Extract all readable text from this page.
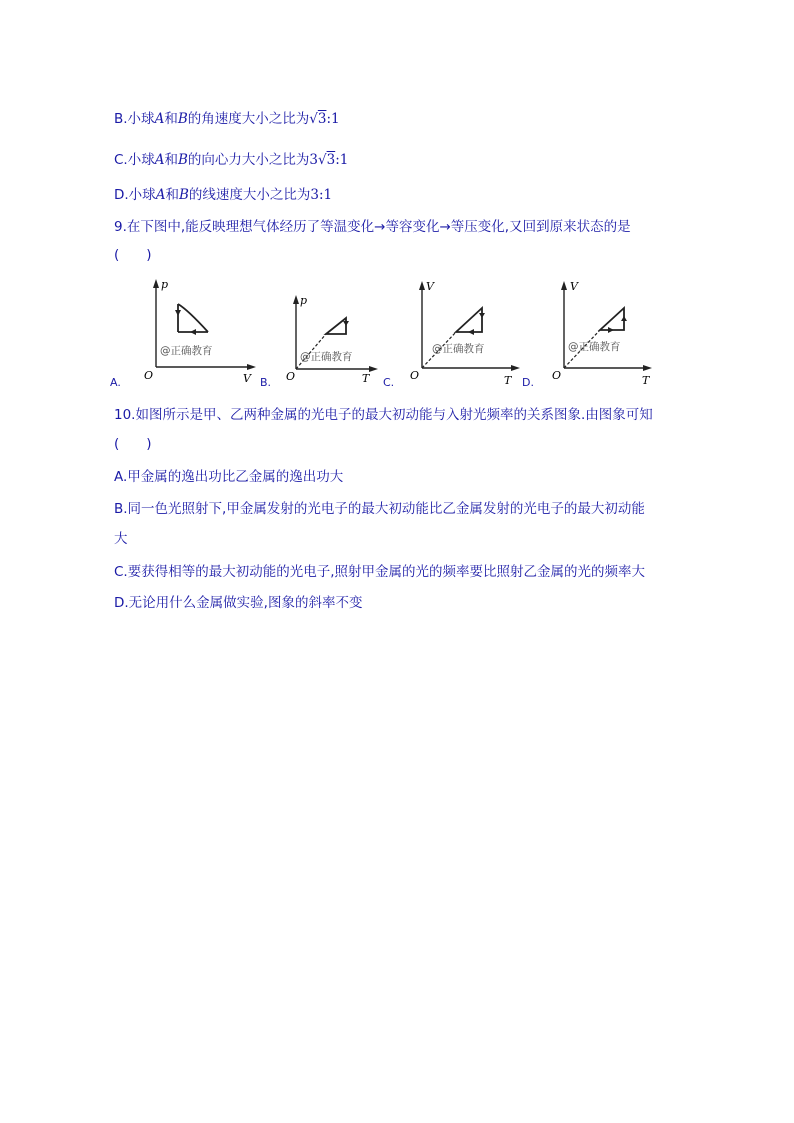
B.小球A和B的角速度大小之比为√3:1
C.小球A和B的向心力大小之比为3√3:1
D.小球A和B的线速度大小之比为3:1
9.在下图中,能反映理想气体经历了等温变化→等容变化→等压变化,又回到原来状态的是
(　　)
p
V
O
@正确教育
A.
p
T
O
@正确教育
B.
V
T
O
@正确教育
C.
V
T
O
@正确教育
D.
10.如图所示是甲、乙两种金属的光电子的最大初动能与入射光频率的关系图象.由图象可知
(　　)
A.甲金属的逸出功比乙金属的逸出功大
B.同一色光照射下,甲金属发射的光电子的最大初动能比乙金属发射的光电子的最大初动能
大
C.要获得相等的最大初动能的光电子,照射甲金属的光的频率要比照射乙金属的光的频率大
D.无论用什么金属做实验,图象的斜率不变
